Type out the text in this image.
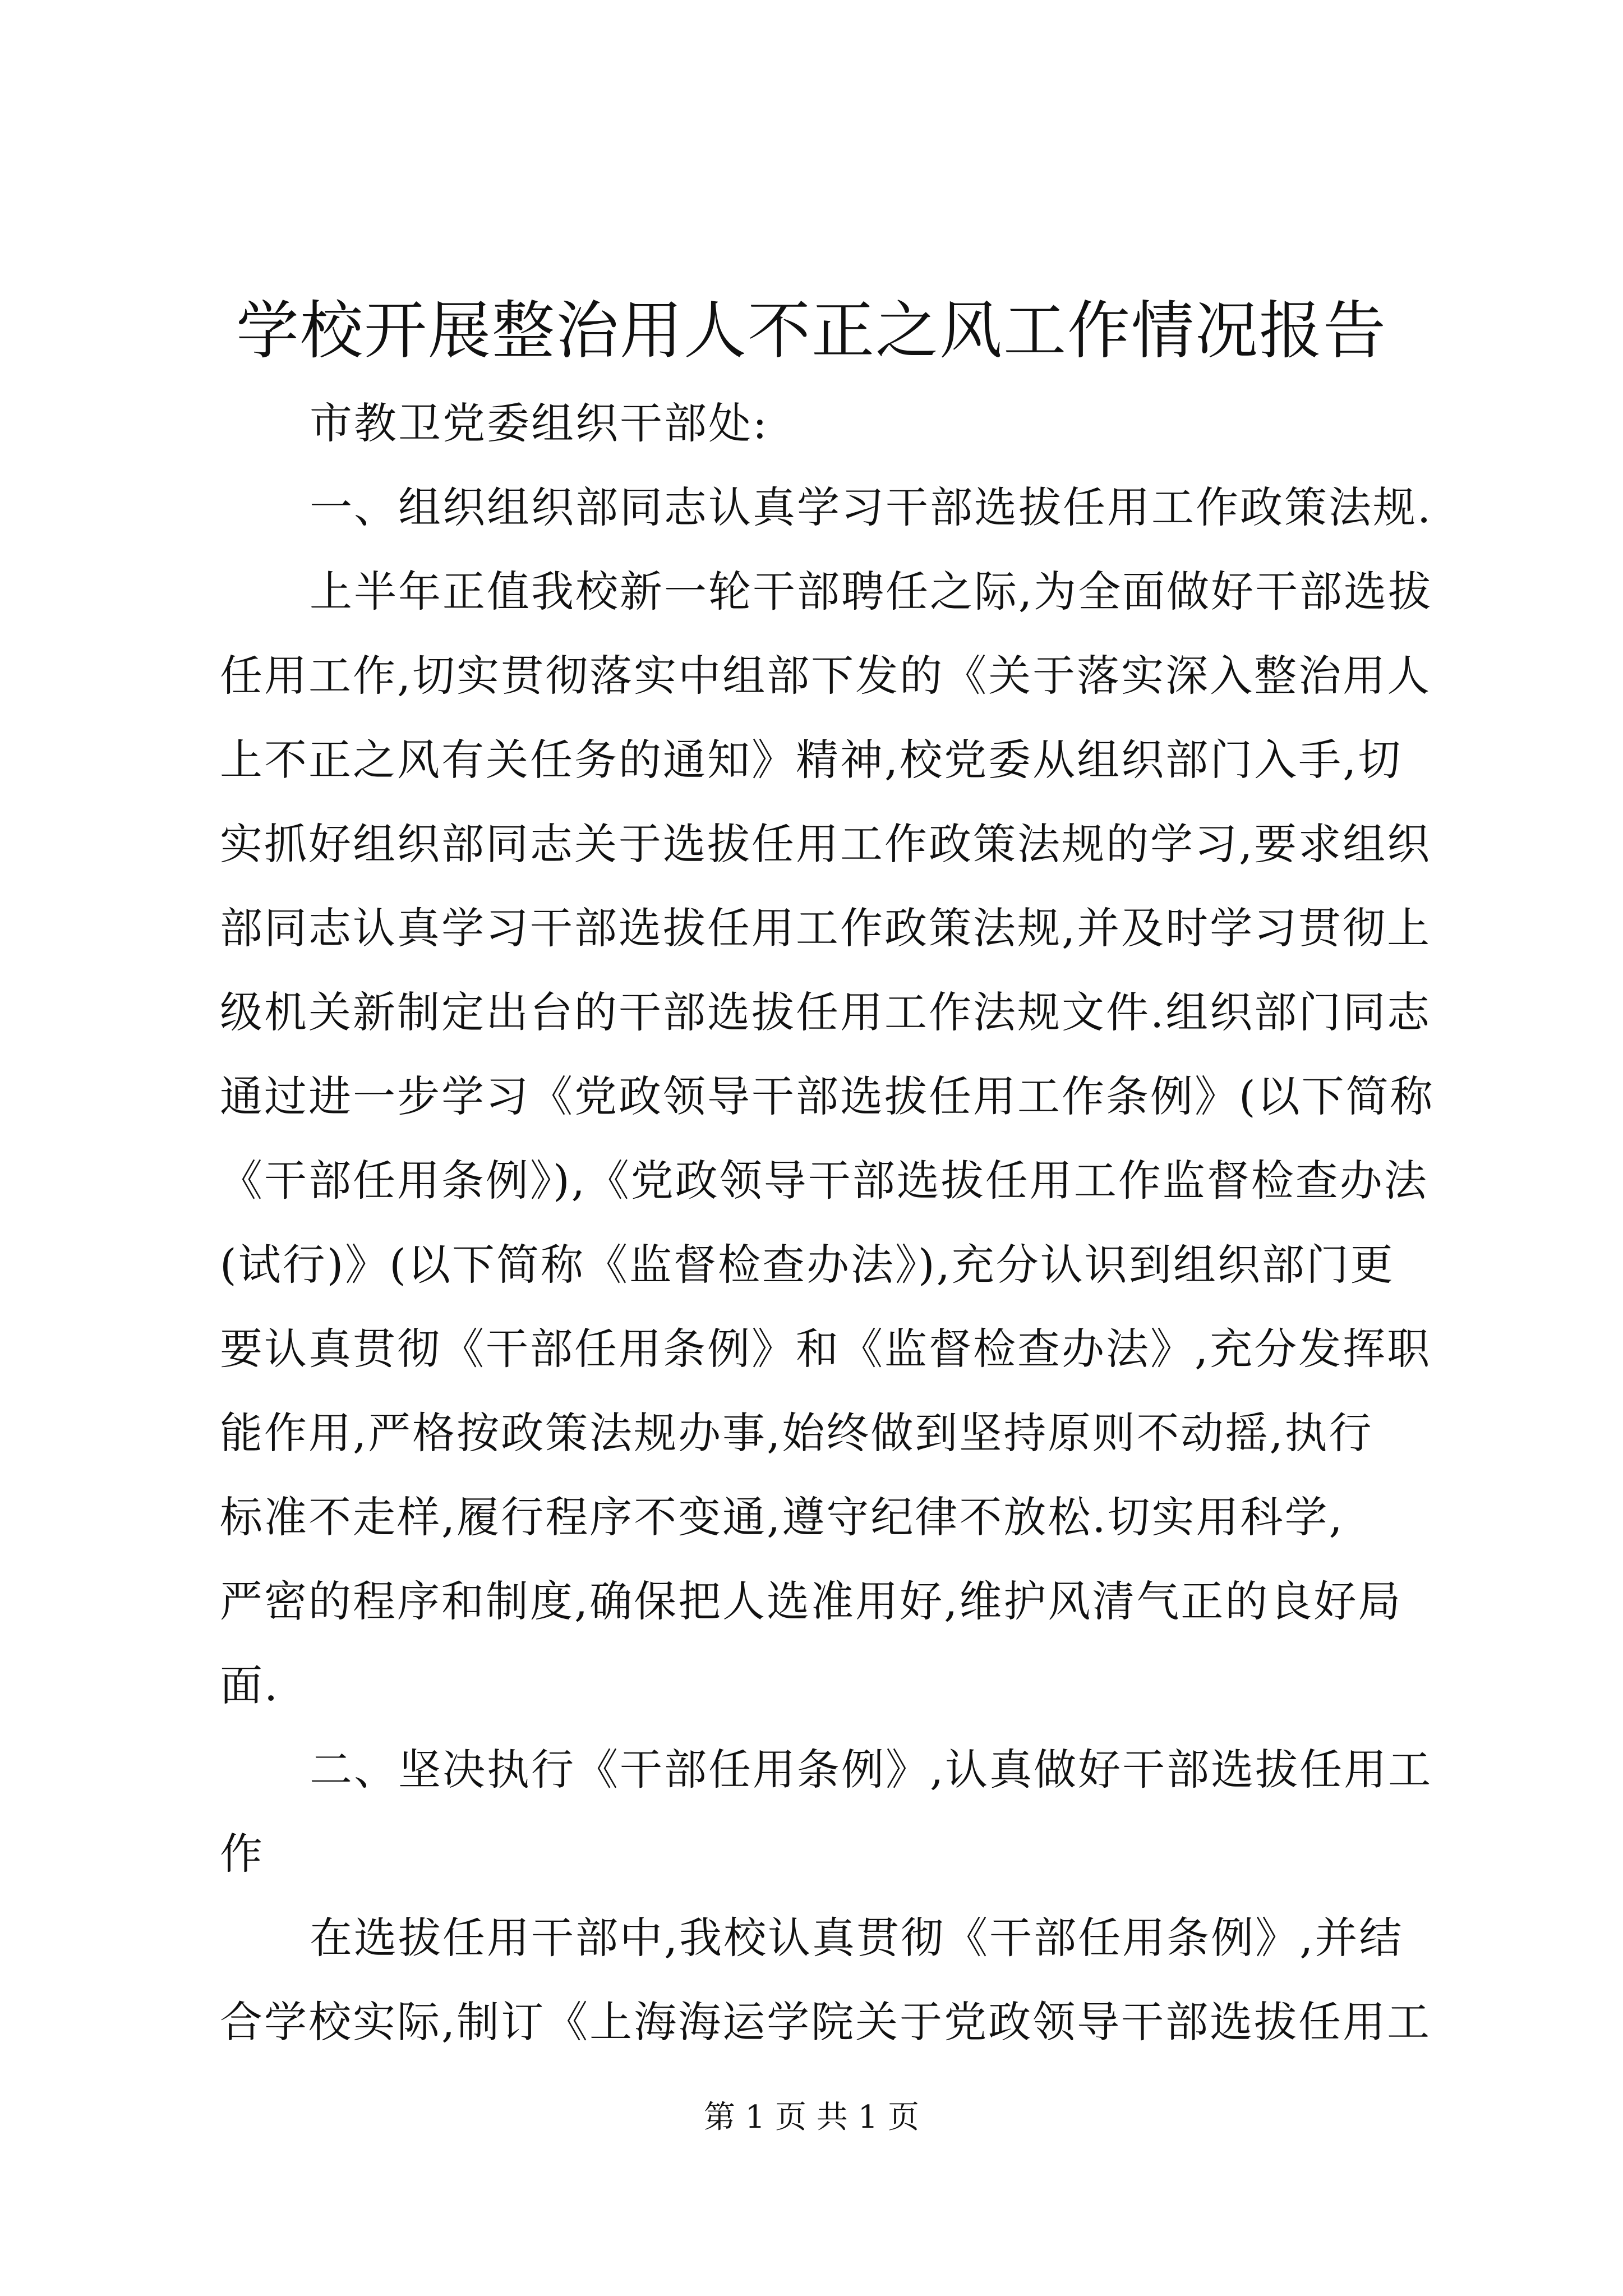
学校开展整治用人不正之风工作情况报告
市教卫党委组织干部处:
一、组织组织部同志认真学习干部选拔任用工作政策法规.
上半年正值我校新一轮干部聘任之际,为全面做好干部选拔
任用工作,切实贯彻落实中组部下发的《关于落实深入整治用人
上不正之风有关任务的通知》精神,校党委从组织部门入手,切
实抓好组织部同志关于选拔任用工作政策法规的学习,要求组织
部同志认真学习干部选拔任用工作政策法规,并及时学习贯彻上
级机关新制定出台的干部选拔任用工作法规文件.组织部门同志
通过进一步学习《党政领导干部选拔任用工作条例》(以下简称
《干部任用条例》),《党政领导干部选拔任用工作监督检查办法
(试行)》(以下简称《监督检查办法》),充分认识到组织部门更
要认真贯彻《干部任用条例》和《监督检查办法》,充分发挥职
能作用,严格按政策法规办事,始终做到坚持原则不动摇,执行
标准不走样,履行程序不变通,遵守纪律不放松.切实用科学,
严密的程序和制度,确保把人选准用好,维护风清气正的良好局
面.
二、坚决执行《干部任用条例》,认真做好干部选拔任用工
作
在选拔任用干部中,我校认真贯彻《干部任用条例》,并结
合学校实际,制订《上海海运学院关于党政领导干部选拔任用工
第 1 页 共 1 页
